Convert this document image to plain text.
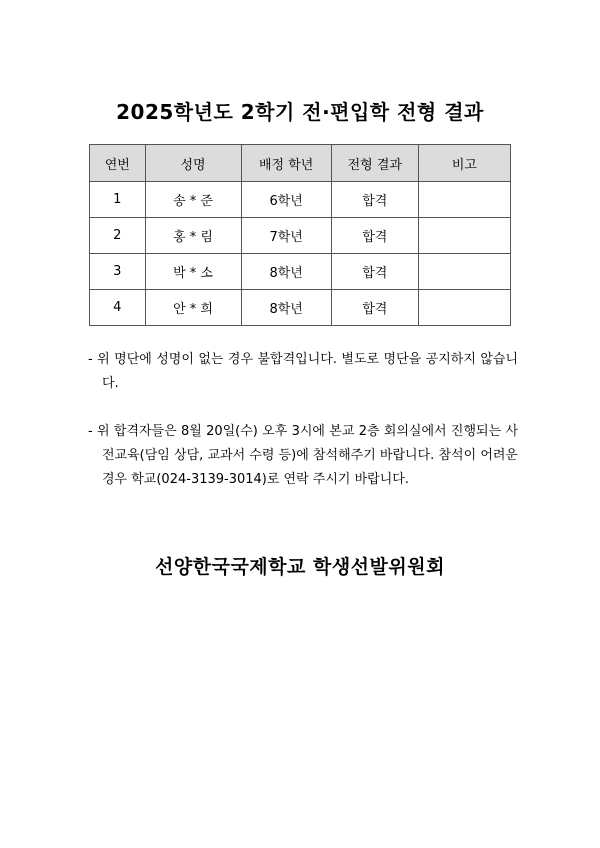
2025학년도 2학기 전·편입학 전형 결과
연번	성명	배정 학년	전형 결과	비고
1	송 * 준	6학년	합격	
2	홍 * 림	7학년	합격	
3	박 * 소	8학년	합격	
4	안 * 희	8학년	합격	

- 위 명단에 성명이 없는 경우 불합격입니다. 별도로 명단을 공지하지 않습니다.

- 위 합격자들은 8월 20일(수) 오후 3시에 본교 2층 회의실에서 진행되는 사전교육(담임 상담, 교과서 수령 등)에 참석해주기 바랍니다. 참석이 어려운 경우 학교(024-3139-3014)로 연락 주시기 바랍니다.

선양한국국제학교 학생선발위원회
